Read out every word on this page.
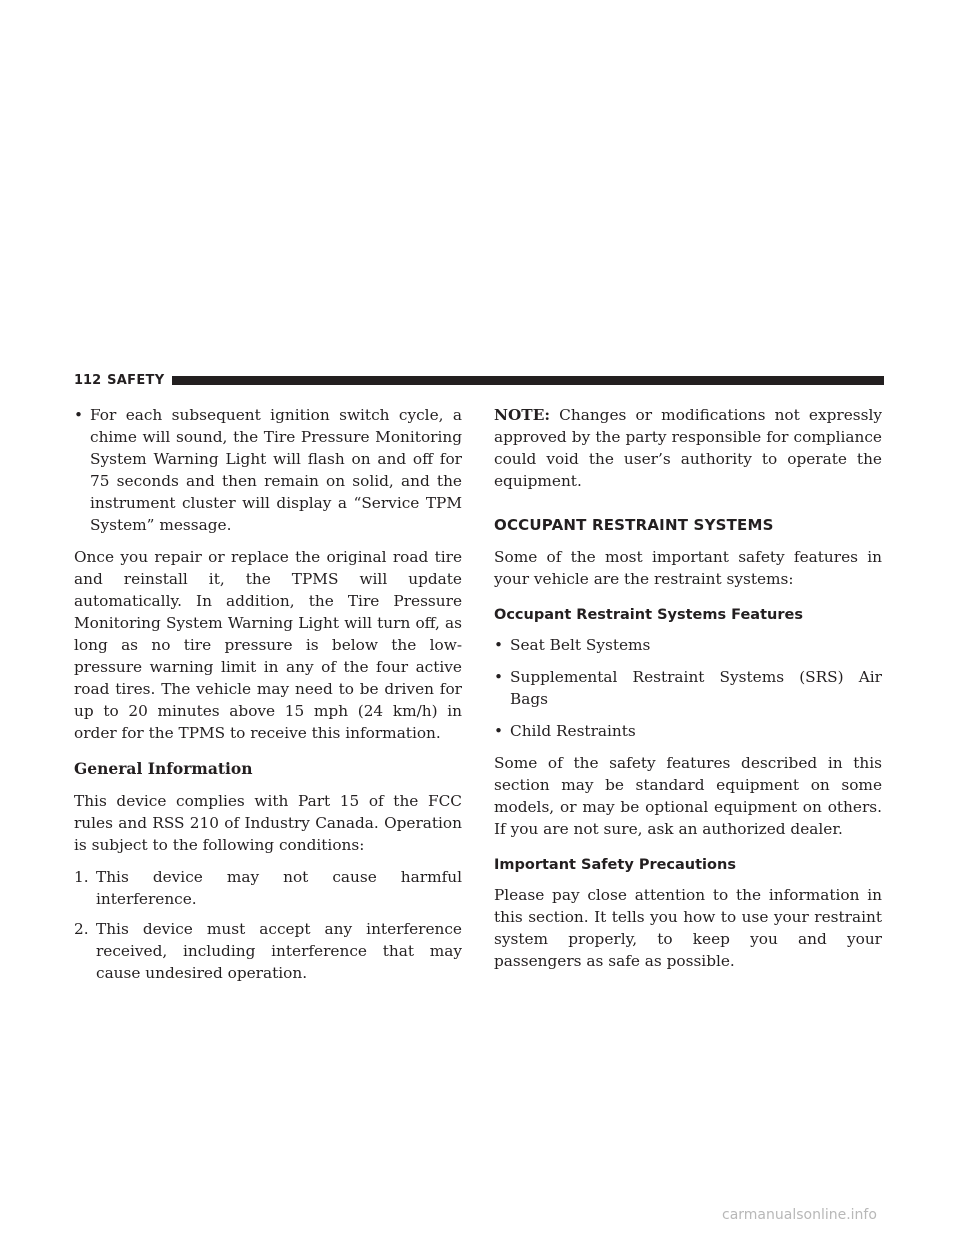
112 SAFETY
• For each subsequent ignition switch cycle, a chime will sound, the Tire Pressure Monitoring System Warning Light will flash on and off for 75 seconds and then remain on solid, and the instrument cluster will display a “Service TPM System” message.

Once you repair or replace the original road tire and reinstall it, the TPMS will update automatically. In addition, the Tire Pressure Monitoring System Warning Light will turn off, as long as no tire pressure is below the low-pressure warning limit in any of the four active road tires. The vehicle may need to be driven for up to 20 minutes above 15 mph (24 km/h) in order for the TPMS to receive this information.

General Information

This device complies with Part 15 of the FCC rules and RSS 210 of Industry Canada. Operation is subject to the following conditions:

1. This device may not cause harmful interference.
2. This device must accept any interference received, including interference that may cause undesired operation.

NOTE: Changes or modifications not expressly approved by the party responsible for compliance could void the user’s authority to operate the equipment.

OCCUPANT RESTRAINT SYSTEMS

Some of the most important safety features in your vehicle are the restraint systems:

Occupant Restraint Systems Features
• Seat Belt Systems
• Supplemental Restraint Systems (SRS) Air Bags
• Child Restraints

Some of the safety features described in this section may be standard equipment on some models, or may be optional equipment on others. If you are not sure, ask an authorized dealer.

Important Safety Precautions

Please pay close attention to the information in this section. It tells you how to use your restraint system properly, to keep you and your passengers as safe as possible.

carmanualsonline.info
